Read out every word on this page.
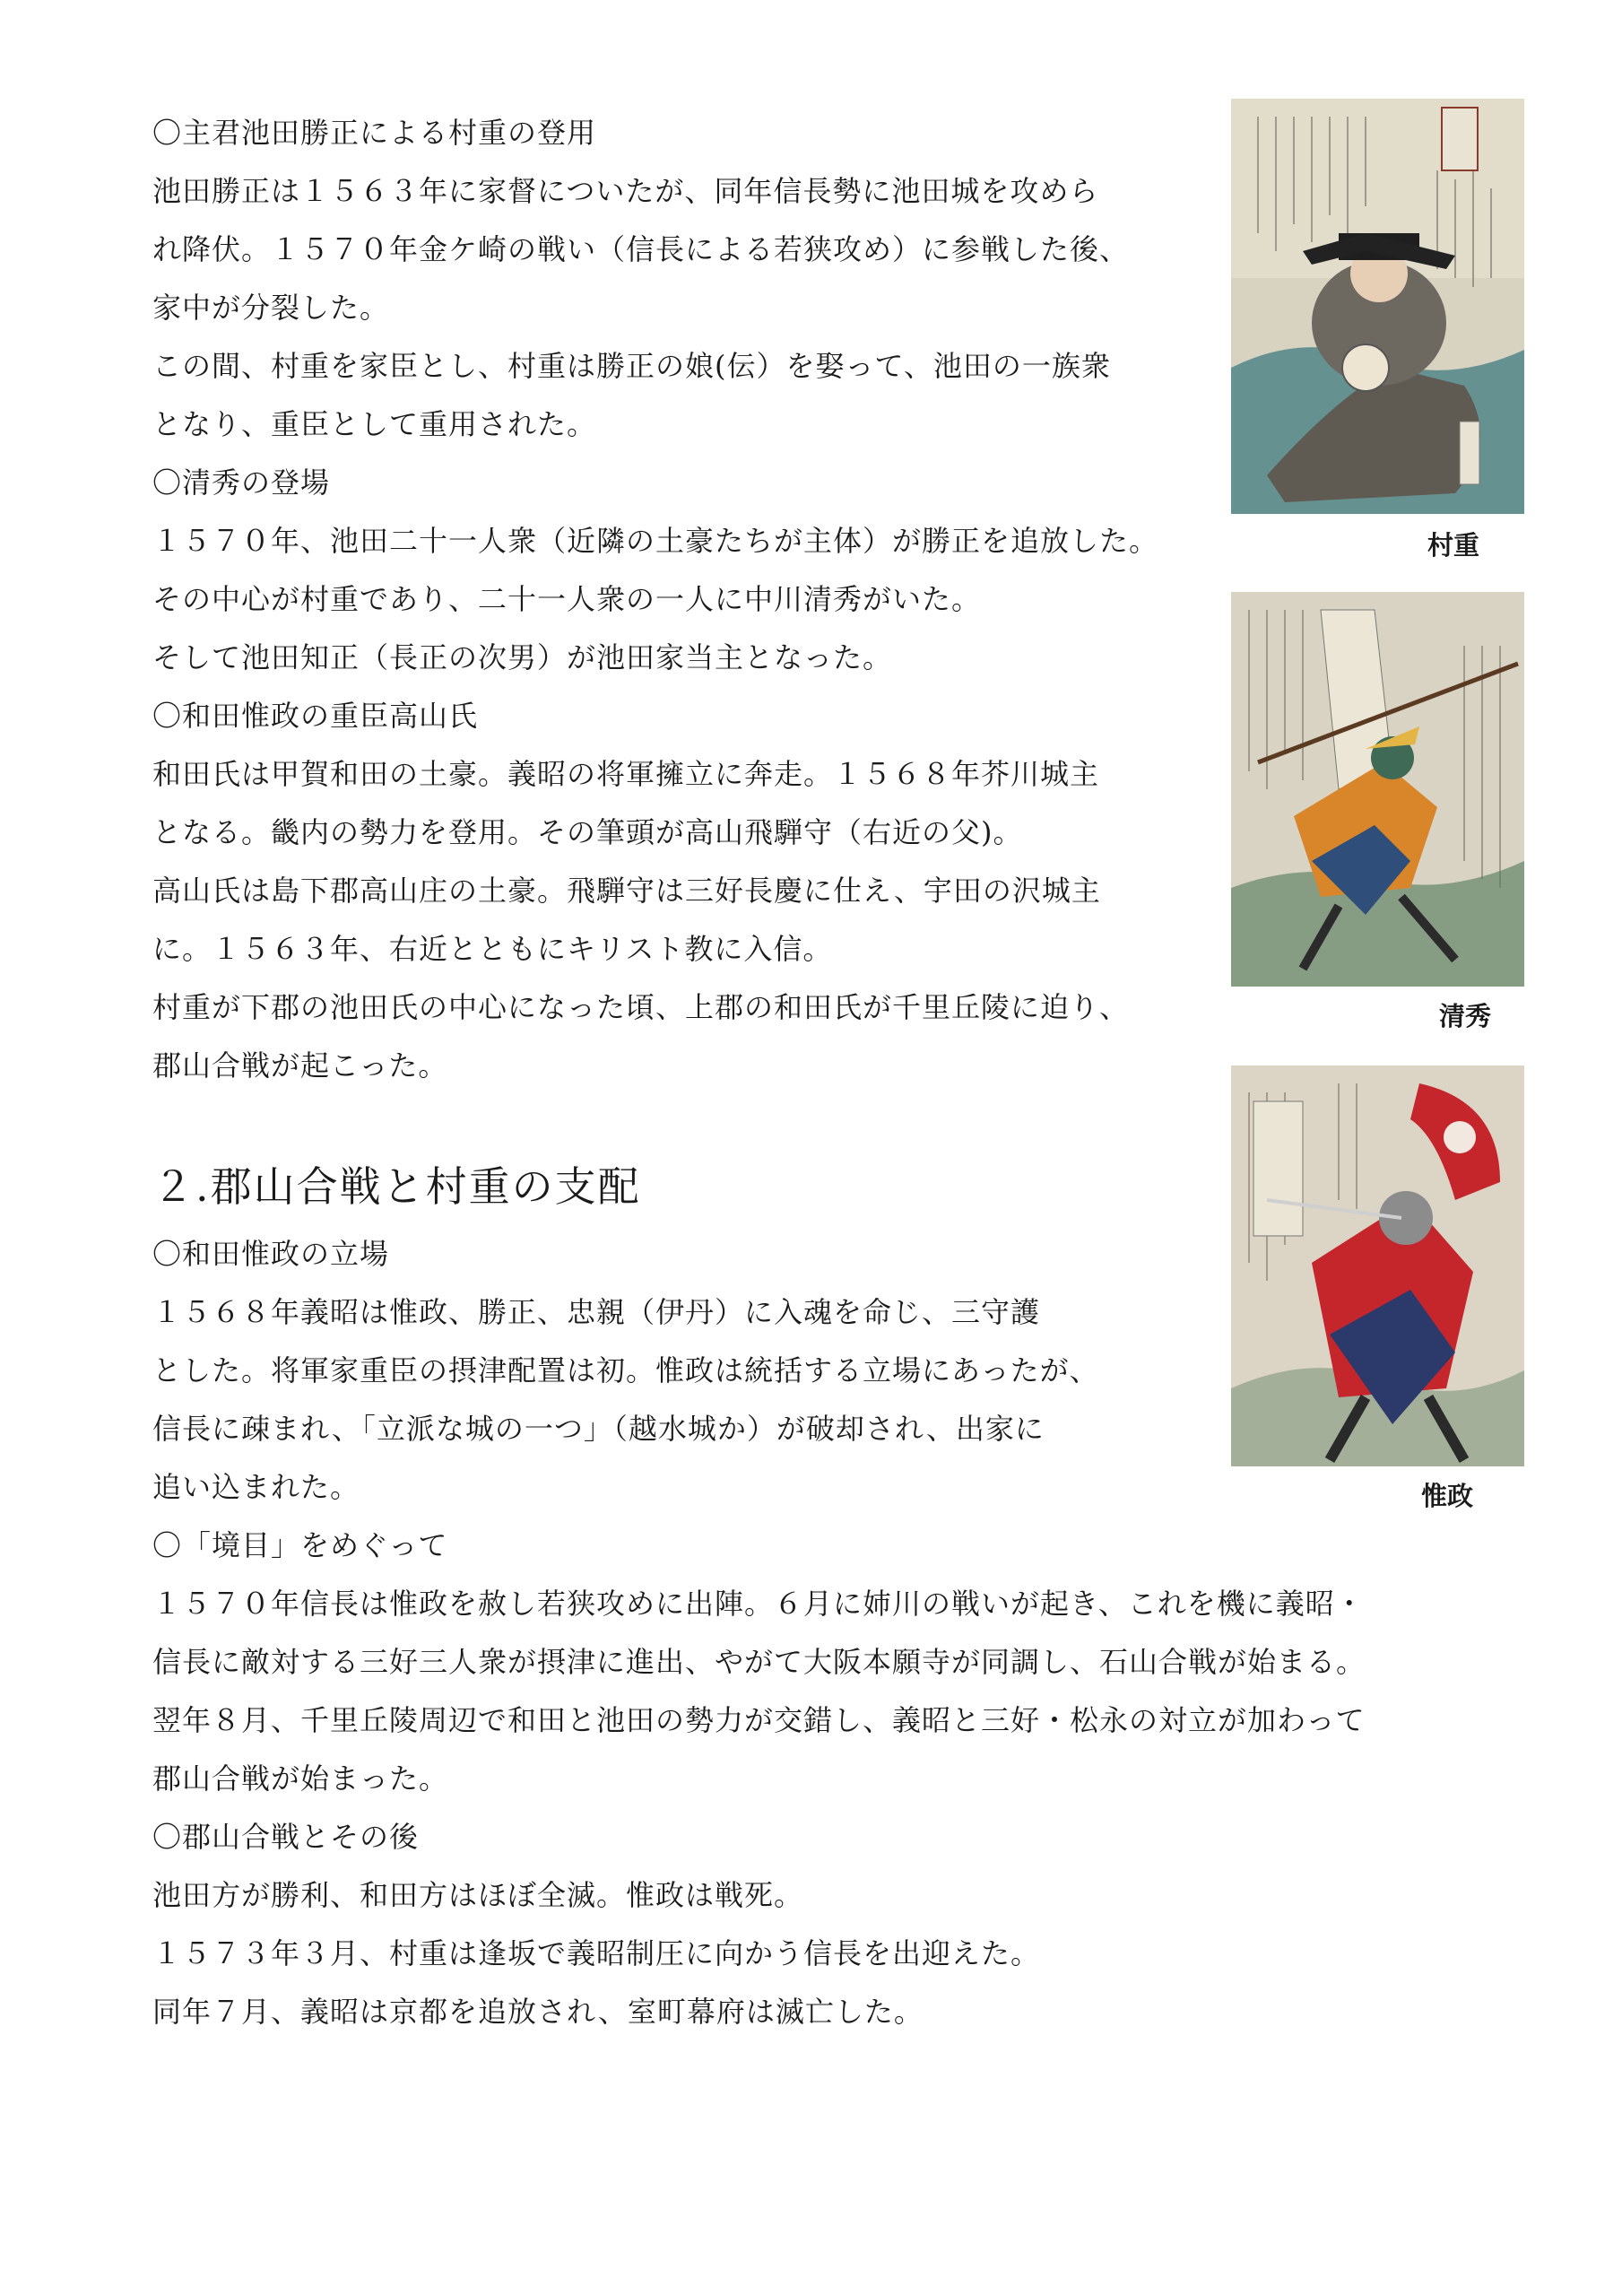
〇主君池田勝正による村重の登用
池田勝正は１５６３年に家督についたが、同年信長勢に池田城を攻めら
れ降伏。１５７０年金ケ崎の戦い（信長による若狭攻め）に参戦した後、
家中が分裂した。
この間、村重を家臣とし、村重は勝正の娘(伝）を娶って、池田の一族衆
となり、重臣として重用された。
〇清秀の登場
１５７０年、池田二十一人衆（近隣の土豪たちが主体）が勝正を追放した。
その中心が村重であり、二十一人衆の一人に中川清秀がいた。
そして池田知正（長正の次男）が池田家当主となった。
〇和田惟政の重臣高山氏
和田氏は甲賀和田の土豪。義昭の将軍擁立に奔走。１５６８年芥川城主
となる。畿内の勢力を登用。その筆頭が高山飛騨守（右近の父)。
高山氏は島下郡高山庄の土豪。飛騨守は三好長慶に仕え、宇田の沢城主
に。１５６３年、右近とともにキリスト教に入信。
村重が下郡の池田氏の中心になった頃、上郡の和田氏が千里丘陵に迫り、
郡山合戦が起こった。
２.郡山合戦と村重の支配
〇和田惟政の立場
１５６８年義昭は惟政、勝正、忠親（伊丹）に入魂を命じ、三守護
とした。将軍家重臣の摂津配置は初。惟政は統括する立場にあったが、
信長に疎まれ、「立派な城の一つ」（越水城か）が破却され、出家に
追い込まれた。
〇「境目」をめぐって
１５７０年信長は惟政を赦し若狭攻めに出陣。６月に姉川の戦いが起き、これを機に義昭・
信長に敵対する三好三人衆が摂津に進出、やがて大阪本願寺が同調し、石山合戦が始まる。
翌年８月、千里丘陵周辺で和田と池田の勢力が交錯し、義昭と三好・松永の対立が加わって
郡山合戦が始まった。
〇郡山合戦とその後
池田方が勝利、和田方はほぼ全滅。惟政は戦死。
１５７３年３月、村重は逢坂で義昭制圧に向かう信長を出迎えた。
同年７月、義昭は京都を追放され、室町幕府は滅亡した。
村重
清秀
惟政
